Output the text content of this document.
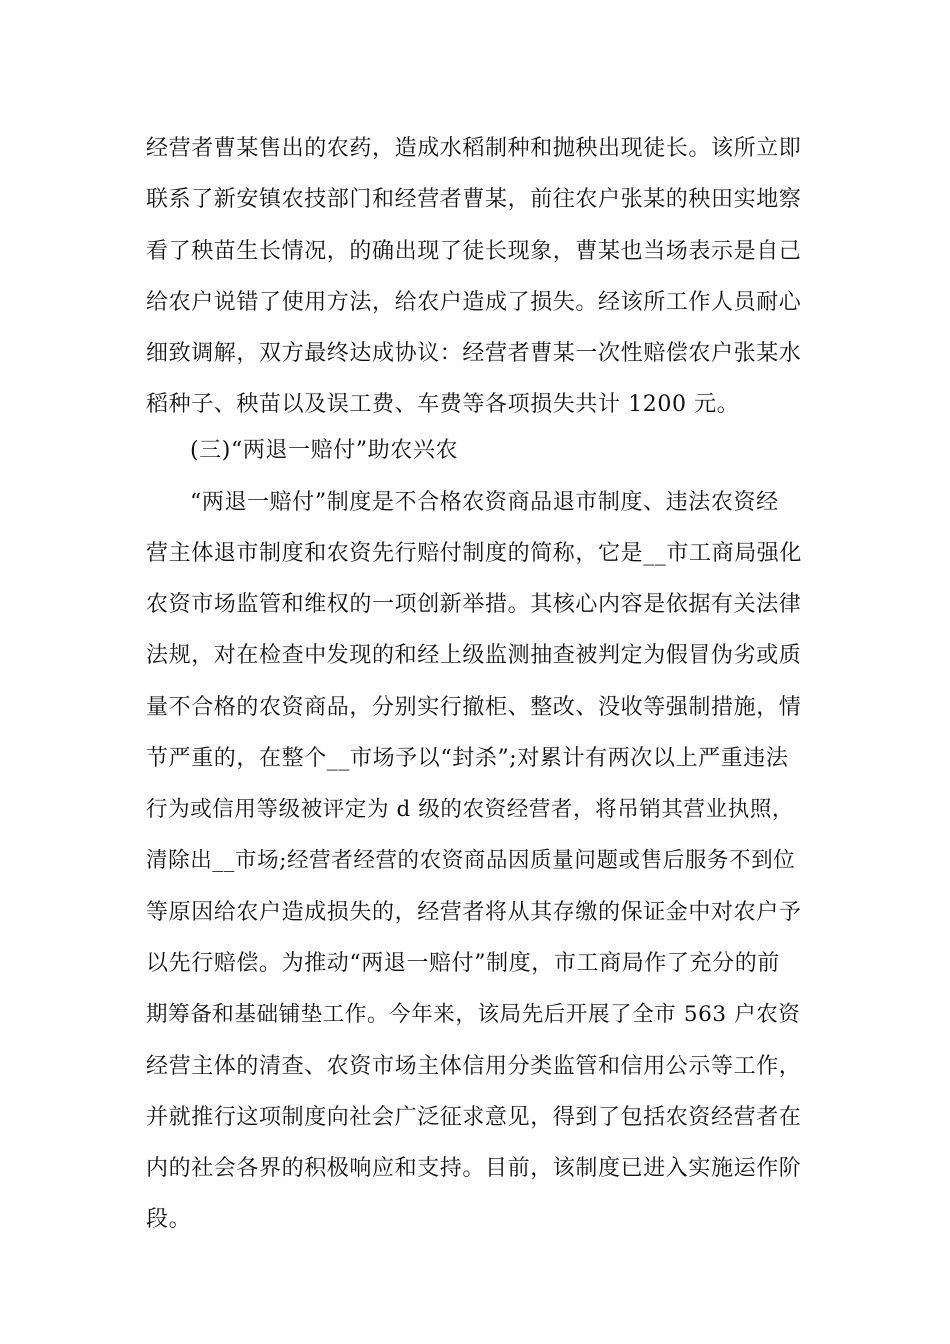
经营者曹某售出的农药，造成水稻制种和抛秧出现徒长。该所立即
联系了新安镇农技部门和经营者曹某，前往农户张某的秧田实地察
看了秧苗生长情况，的确出现了徒长现象，曹某也当场表示是自己
给农户说错了使用方法，给农户造成了损失。经该所工作人员耐心
细致调解，双方最终达成协议：经营者曹某一次性赔偿农户张某水
稻种子、秧苗以及误工费、车费等各项损失共计 1200 元。
(三)“两退一赔付”助农兴农
“两退一赔付”制度是不合格农资商品退市制度、违法农资经
营主体退市制度和农资先行赔付制度的简称，它是__市工商局强化
农资市场监管和维权的一项创新举措。其核心内容是依据有关法律
法规，对在检查中发现的和经上级监测抽查被判定为假冒伪劣或质
量不合格的农资商品，分别实行撤柜、整改、没收等强制措施，情
节严重的，在整个__市场予以“封杀”;对累计有两次以上严重违法
行为或信用等级被评定为 d 级的农资经营者，将吊销其营业执照，
清除出__市场;经营者经营的农资商品因质量问题或售后服务不到位
等原因给农户造成损失的，经营者将从其存缴的保证金中对农户予
以先行赔偿。为推动“两退一赔付”制度，市工商局作了充分的前
期筹备和基础铺垫工作。今年来，该局先后开展了全市 563 户农资
经营主体的清查、农资市场主体信用分类监管和信用公示等工作，
并就推行这项制度向社会广泛征求意见，得到了包括农资经营者在
内的社会各界的积极响应和支持。目前，该制度已进入实施运作阶
段。
